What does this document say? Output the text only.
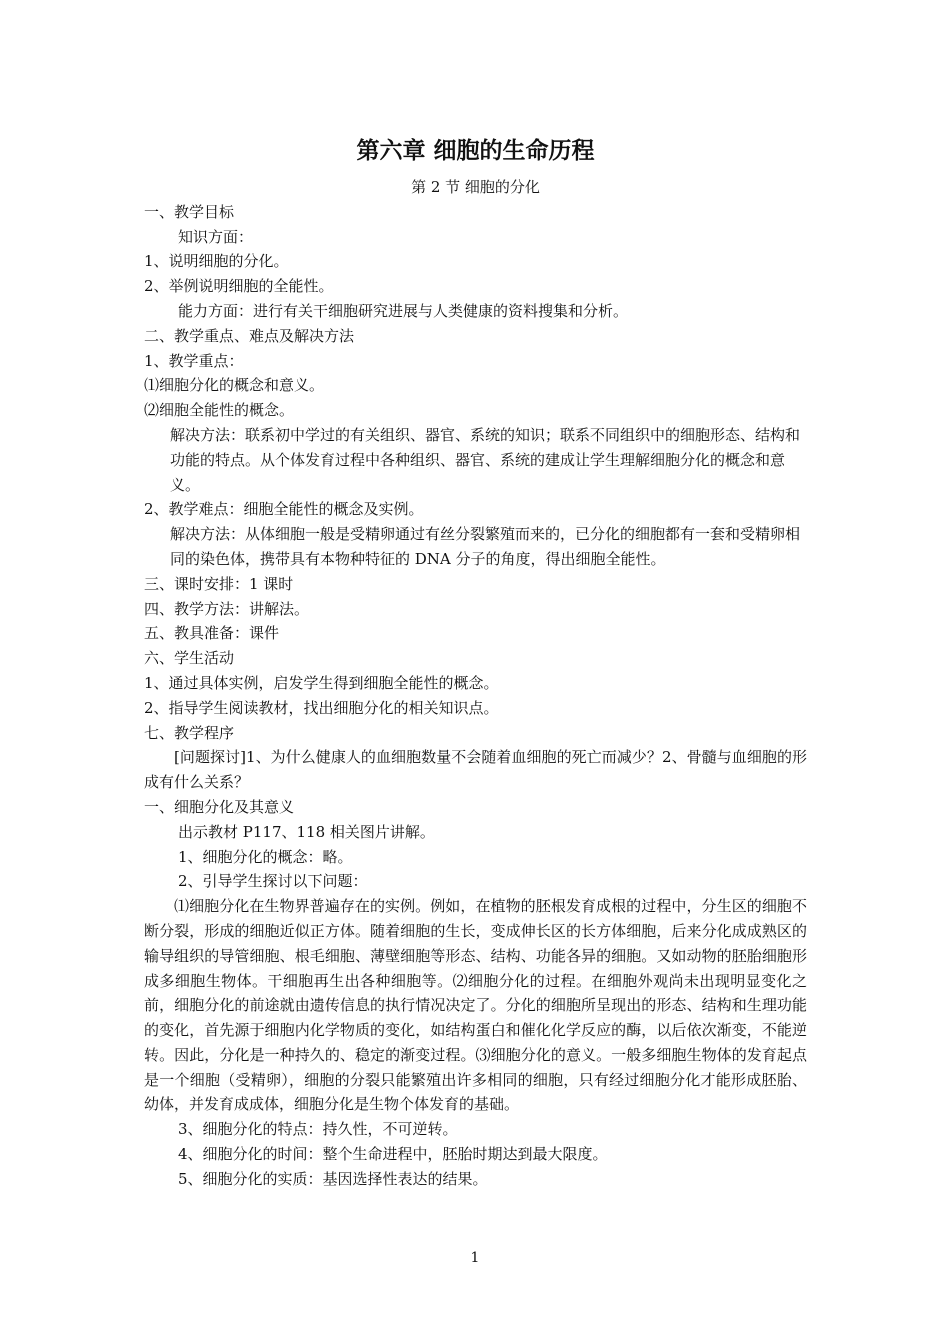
第六章 细胞的生命历程

第 2 节 细胞的分化

一、教学目标

知识方面：

1、说明细胞的分化。

2、举例说明细胞的全能性。

能力方面：进行有关干细胞研究进展与人类健康的资料搜集和分析。

二、教学重点、难点及解决方法

1、教学重点：

⑴细胞分化的概念和意义。

⑵细胞全能性的概念。

解决方法：联系初中学过的有关组织、器官、系统的知识；联系不同组织中的细胞形态、结构和功能的特点。从个体发育过程中各种组织、器官、系统的建成让学生理解细胞分化的概念和意义。

2、教学难点：细胞全能性的概念及实例。

解决方法：从体细胞一般是受精卵通过有丝分裂繁殖而来的，已分化的细胞都有一套和受精卵相同的染色体，携带具有本物种特征的 DNA 分子的角度，得出细胞全能性。

三、课时安排：1 课时

四、教学方法：讲解法。

五、教具准备：课件

六、学生活动

1、通过具体实例，启发学生得到细胞全能性的概念。

2、指导学生阅读教材，找出细胞分化的相关知识点。

七、教学程序

[问题探讨]1、为什么健康人的血细胞数量不会随着血细胞的死亡而减少？2、骨髓与血细胞的形成有什么关系？

一、细胞分化及其意义

出示教材 P117、118 相关图片讲解。

1、细胞分化的概念：略。

2、引导学生探讨以下问题：

⑴细胞分化在生物界普遍存在的实例。例如，在植物的胚根发育成根的过程中，分生区的细胞不断分裂，形成的细胞近似正方体。随着细胞的生长，变成伸长区的长方体细胞，后来分化成成熟区的输导组织的导管细胞、根毛细胞、薄壁细胞等形态、结构、功能各异的细胞。又如动物的胚胎细胞形成多细胞生物体。干细胞再生出各种细胞等。⑵细胞分化的过程。在细胞外观尚未出现明显变化之前，细胞分化的前途就由遗传信息的执行情况决定了。分化的细胞所呈现出的形态、结构和生理功能的变化，首先源于细胞内化学物质的变化，如结构蛋白和催化化学反应的酶，以后依次渐变，不能逆转。因此，分化是一种持久的、稳定的渐变过程。⑶细胞分化的意义。一般多细胞生物体的发育起点是一个细胞（受精卵），细胞的分裂只能繁殖出许多相同的细胞，只有经过细胞分化才能形成胚胎、幼体，并发育成成体，细胞分化是生物个体发育的基础。

3、细胞分化的特点：持久性，不可逆转。

4、细胞分化的时间：整个生命进程中，胚胎时期达到最大限度。

5、细胞分化的实质：基因选择性表达的结果。

1
